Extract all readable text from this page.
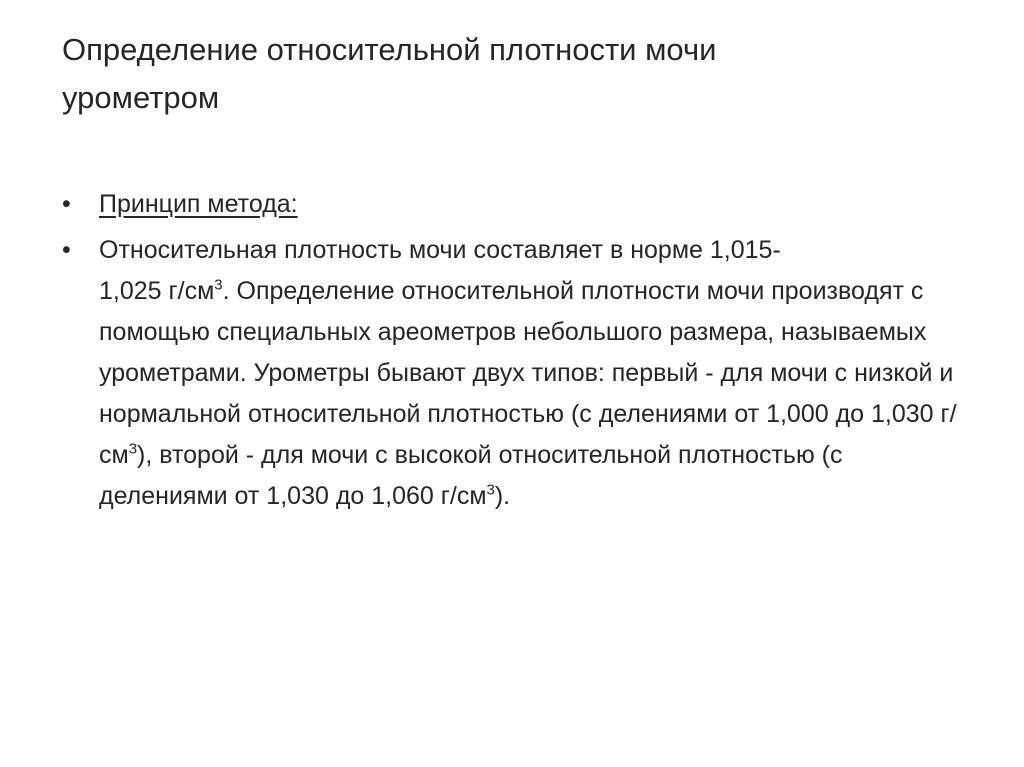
Определение относительной плотности мочи
урометром
•	Принцип метода:
•	Относительная плотность мочи составляет в норме 1,015-
1,025 $г/см^3$. Определение относительной плотности мочи производят с помощью специальных ареометров небольшого размера, называемых урометрами. Урометры бывают двух типов: первый - для мочи с низкой и нормальной относительной плотностью (с делениями от 1,000 до 1,030 $г/см^3$), второй - для мочи с высокой относительной плотностью (с делениями от 1,030 до 1,060 $г/см^3$).
